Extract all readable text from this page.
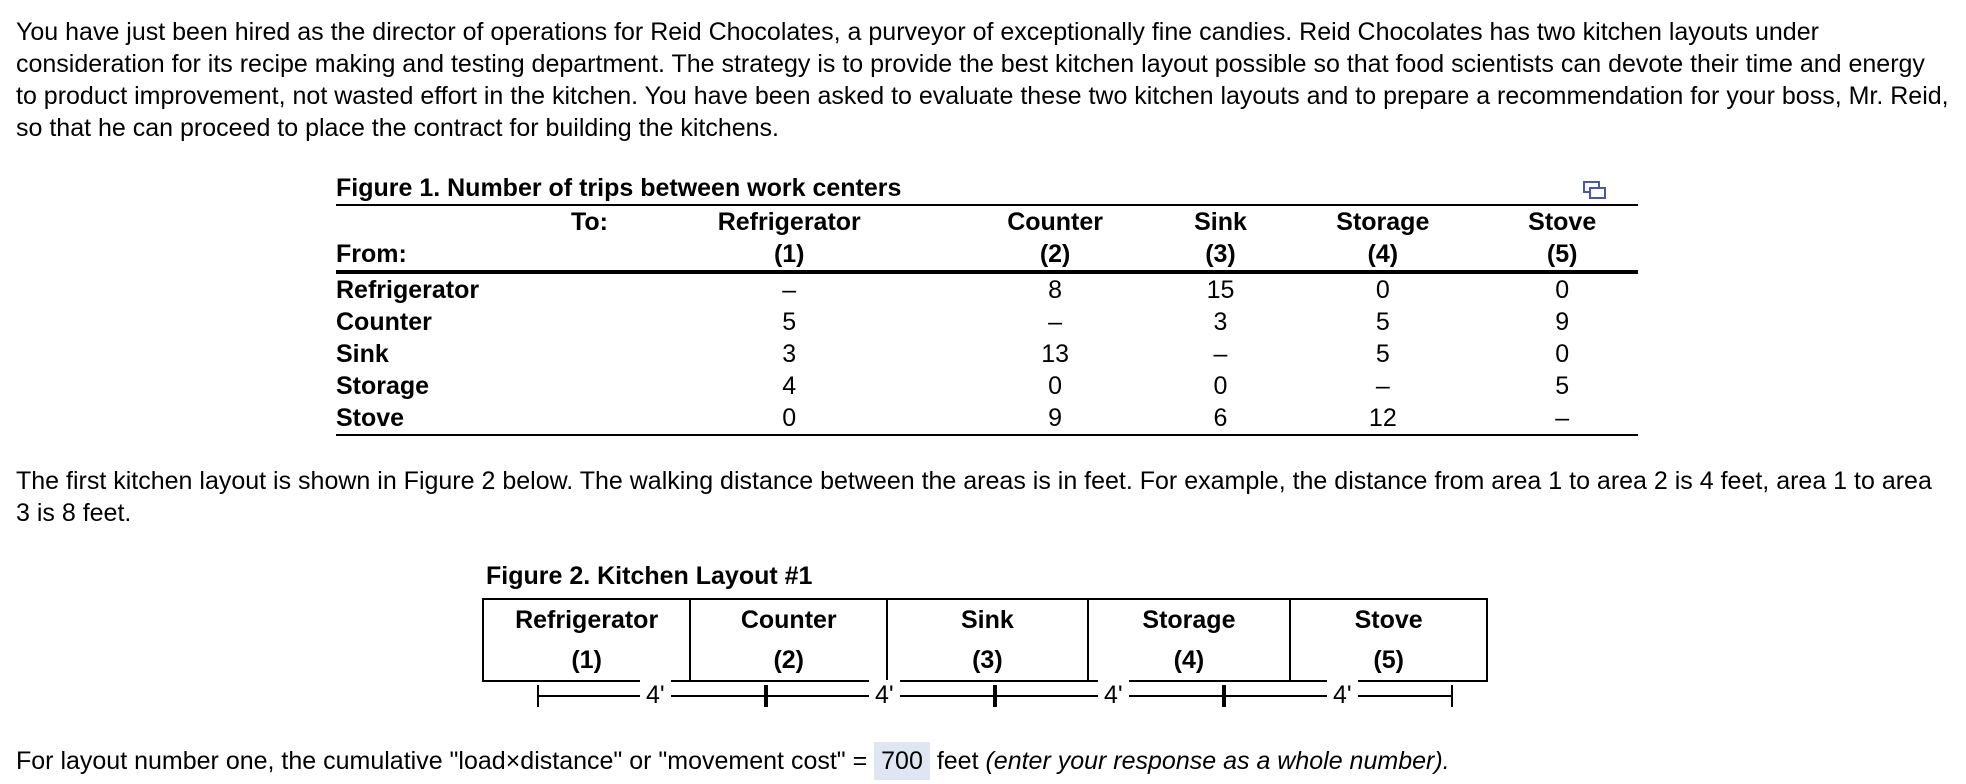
You have just been hired as the director of operations for Reid Chocolates, a purveyor of exceptionally fine candies. Reid Chocolates has two kitchen layouts under consideration for its recipe making and testing department. The strategy is to provide the best kitchen layout possible so that food scientists can devote their time and energy to product improvement, not wasted effort in the kitchen. You have been asked to evaluate these two kitchen layouts and to prepare a recommendation for your boss, Mr. Reid, so that he can proceed to place the contract for building the kitchens.

Figure 1. Number of trips between work centers

	To:	Refrigerator	Counter	Sink	Storage	Stove
From:		(1)	(2)	(3)	(4)	(5)
Refrigerator		–	8	15	0	0
Counter		5	–	3	5	9
Sink		3	13	–	5	0
Storage		4	0	0	–	5
Stove		0	9	6	12	–

The first kitchen layout is shown in Figure 2 below. The walking distance between the areas is in feet. For example, the distance from area 1 to area 2 is 4 feet, area 1 to area 3 is 8 feet.

Figure 2. Kitchen Layout #1

Refrigerator
(1)

Counter
(2)

Sink
(3)

Storage
(4)

Stove
(5)
4'	4'	4'	4'

For layout number one, the cumulative "load×distance" or "movement cost" = 700 feet (enter your response as a whole number).
